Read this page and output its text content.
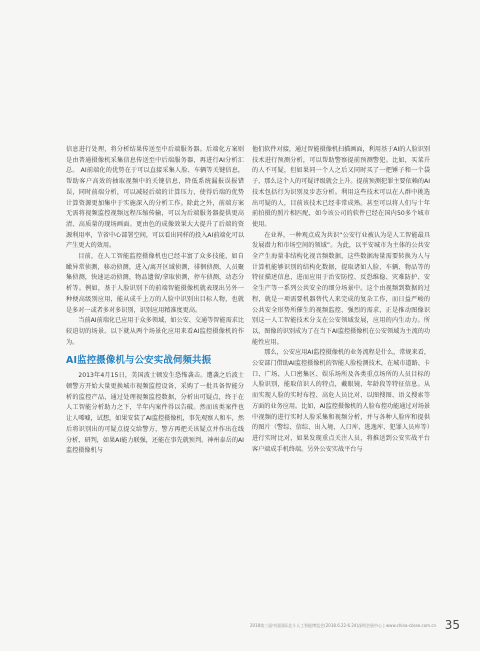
信息进行处理，将分析结果传送至中后端服务器。后端化方案则是由普通摄像机采集信息传送至中后端服务器，再进行AI分析汇总。 AI前端化的优势在于可以直接采集人脸、车辆等关键信息，帮助客户高效的抽取视频中的关键信息，降低系统漏报误报错误，同时前端分析，可以减轻后端的计算压力，使得后端的优势计算资源更加集中于实施深入的分析工作。除此之外，前端方案无需将视频监控视频远程压缩传输，可以为后端服务器提供更高清、高质量的现场画面。更由色的成像效果大大提升了后端的资源利用率，节省中心部署空间，可以看出同样的投入AI前端化可以产生更大的效用。

目前，在人工智能监控摄像机也已经丰富了众多技能，如自瞰异常侦测，移动侦测，进入/离开区域侦测，徘徊侦测，人员聚集侦测，快速运动侦测，物品遗留/拿取侦测，停车侦测，动态分析等。例如，基于人脸识别下的前端智能摄像机就表现出另外一种便高级别应用，能从成千上万的人脸中识别出目标人物，也就是多对一或者多对多识别，识别应用精准度更高。

当前AI前端化已应用于众多领域，如公安、交通等智能需求比较迫切的场景。以下就从两个场景化应用来看AI监控摄像机的作为。

AI监控摄像机与公安实战伺频共振

2013年4月15日，美国波士顿发生恐怖袭击。遭袭之后波士顿警方开始大量更换城市视频监控设备，采购了一批具备智能分析的监控产品，通过处理视频监控数据，分析出可疑点，终于在人工智能分析助力之下，半年内案件得以告破。然而该类案件也让人唏嘘，试想，如果安装了AI监控摄像机，事先观察人和车，然后将识别出的可疑点提交给警方，警方再把关该疑点并作出在线分析、研判，如果AI能力联强，还能在事先就预判。神州泰岳的AI监控摄像机与

他们软件对接，通过智能摄像机扫描画面，利用基于AI的人脸识别技术进行预测分析，可以帮助警察提前预测警犯。比如，买菜升的人不可疑，但如果同一个人之后又同时买了一把锤子和一个袋子，那么这个人的可疑评级就会上升。提前预测犯罪主要依赖的AI技术包括行为识别及步态分析。利用这些技术可以在人群中挑选出可疑的人，目前该技术已经非常成熟。甚至可以将人们与十年前拍摄的照片相匹配，如今该公司的软件已经在国内50多个城市使用。

在业界，一种观点成为共识“公安行业被认为是人工智能最具发展潜力和市场空间的领域”。为此，以平安城市为主体的公共安全产生海量非结构化视音频数据，这些数据海量需要转换为人与计算机能够识别的结构化数据，提取诸如人脸、车辆、物品等的特征描述信息，进而应用于治安防控、反恐维稳、灾难防护、安全生产等一系列公共安全的细分场景中。这个由视频到数据的过程，就是一项需要机器替代人来完成的复杂工作，而日益严峻的公共安全形势所催生的视频监控、强烈的需求，正是推动图像识别这一人工智能技术分支在公安领域发展，应用的内生动力。所以，图像的识别成为了在当下AI监控摄像机在公安领域为主流的功能性应用。

那么，公安应用AI监控摄像机的业务流程是什么，常规来看，公安部门借助AI监控摄像机的智能人脸检测技术，在城市道路、卡口、广场、人口密集区、娱乐场所及各类重点场所的人员目标的人脸识别，能取信识人的特点，戴眼镜、年龄段等特征信息。从而实现人脸的实时布控、高危人员比对、以图搜图、语义搜索等方面的业务应用。比如，AI监控摄像机的人脸布控功能通过对场景中视频的进行实时人脸采集和视频分析，并与各种人脸库和提供的图片（警综、信综、出入境、人口库、逃逸库、犯罪人员库等）进行实时比对，如果发现重点关注人员，将推送到公安实战平台客户端成手机终端。另外公安实战平台与

2018第三届中国国际北斗人工智能博览会(2018.6.22-6.24)深圳会展中心 | www.china-cbsse.com.cn 35
